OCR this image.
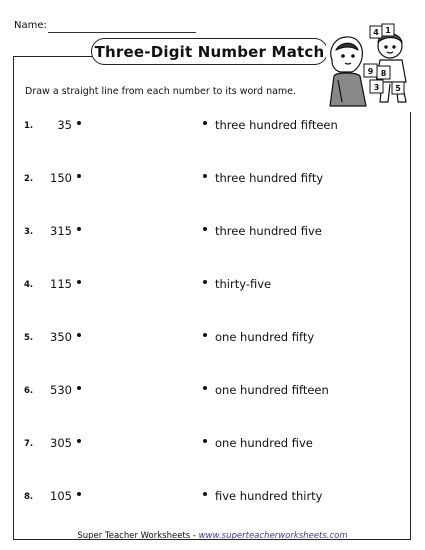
Name:
Three-Digit Number Match
4 1
9 8
3 5
Draw a straight line from each number to its word name.
1. 35	three hundred fifteen
2. 150	three hundred fifty
3. 315	three hundred five
4. 115	thirty-five
5. 350	one hundred fifty
6. 530	one hundred fifteen
7. 305	one hundred five
8. 105	five hundred thirty
Super Teacher Worksheets - www.superteacherworksheets.com
